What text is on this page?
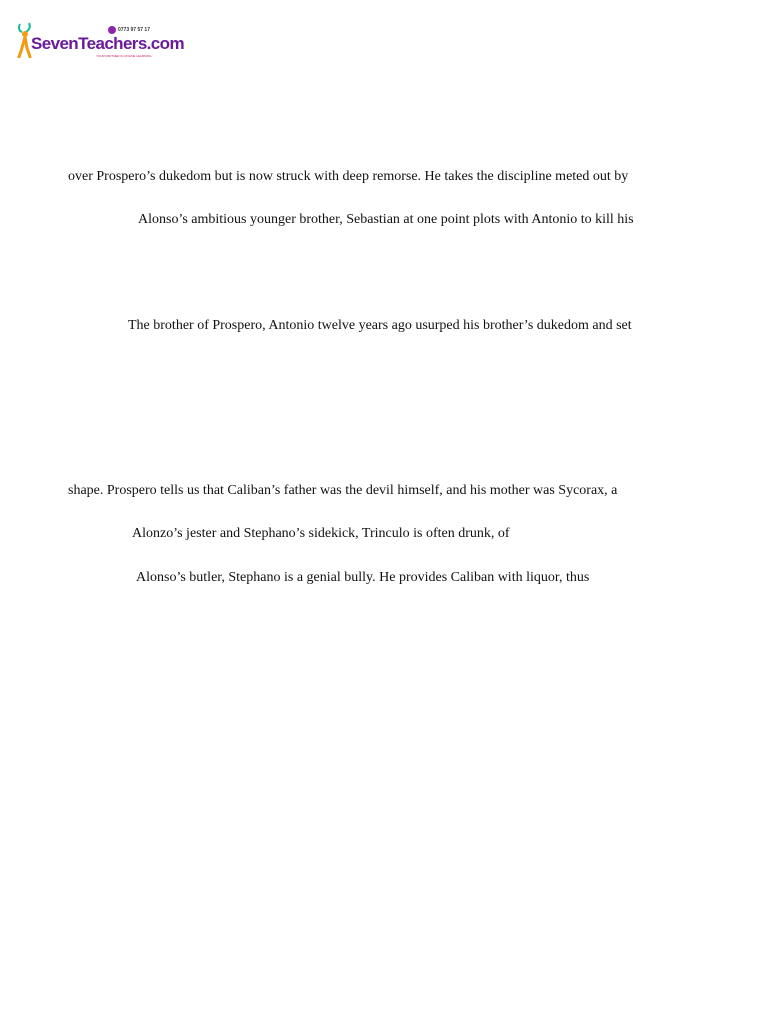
0773 97 57 17
SevenTeachers.com
YOUR PARTNER IN ONLINE LEARNING
over Prospero’s dukedom but is now struck with deep remorse. He takes the discipline meted out by
Alonso’s ambitious younger brother, Sebastian at one point plots with Antonio to kill his
The brother of Prospero, Antonio twelve years ago usurped his brother’s dukedom and set
shape. Prospero tells us that Caliban’s father was the devil himself, and his mother was Sycorax, a
Alonzo’s jester and Stephano’s sidekick, Trinculo is often drunk, of
Alonso’s butler, Stephano is a genial bully. He provides Caliban with liquor, thus
